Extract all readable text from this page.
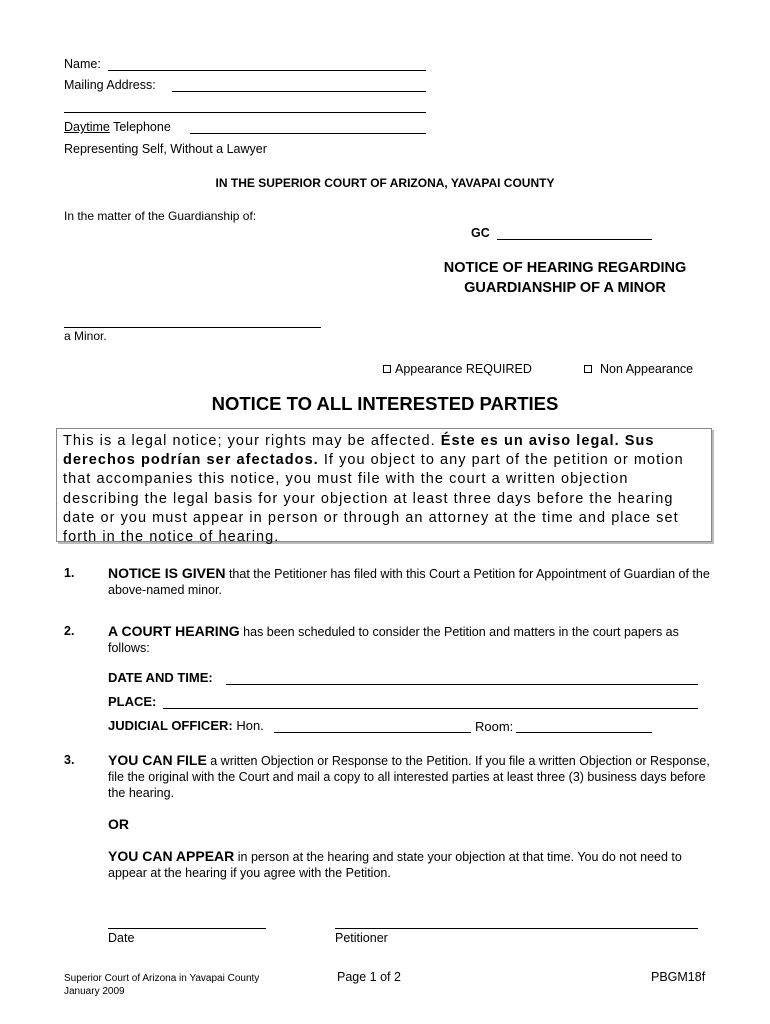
Name:
Mailing Address:
Daytime Telephone
Representing Self, Without a Lawyer
IN THE SUPERIOR COURT OF ARIZONA, YAVAPAI COUNTY
In the matter of the Guardianship of:
GC
NOTICE OF HEARING REGARDING
GUARDIANSHIP OF A MINOR
a Minor.
Appearance REQUIRED	Non Appearance
NOTICE TO ALL INTERESTED PARTIES
This is a legal notice; your rights may be affected. Éste es un aviso legal. Sus derechos podrían ser afectados. If you object to any part of the petition or motion that accompanies this notice, you must file with the court a written objection describing the legal basis for your objection at least three days before the hearing date or you must appear in person or through an attorney at the time and place set forth in the notice of hearing.
1. NOTICE IS GIVEN that the Petitioner has filed with this Court a Petition for Appointment of Guardian of the above-named minor.
2. A COURT HEARING has been scheduled to consider the Petition and matters in the court papers as follows:
DATE AND TIME:
PLACE:
JUDICIAL OFFICER: Hon.	Room:
3. YOU CAN FILE a written Objection or Response to the Petition. If you file a written Objection or Response, file the original with the Court and mail a copy to all interested parties at least three (3) business days before the hearing.
OR
YOU CAN APPEAR in person at the hearing and state your objection at that time. You do not need to appear at the hearing if you agree with the Petition.
Date	Petitioner
Superior Court of Arizona in Yavapai County
January 2009
Page 1 of 2	PBGM18f
